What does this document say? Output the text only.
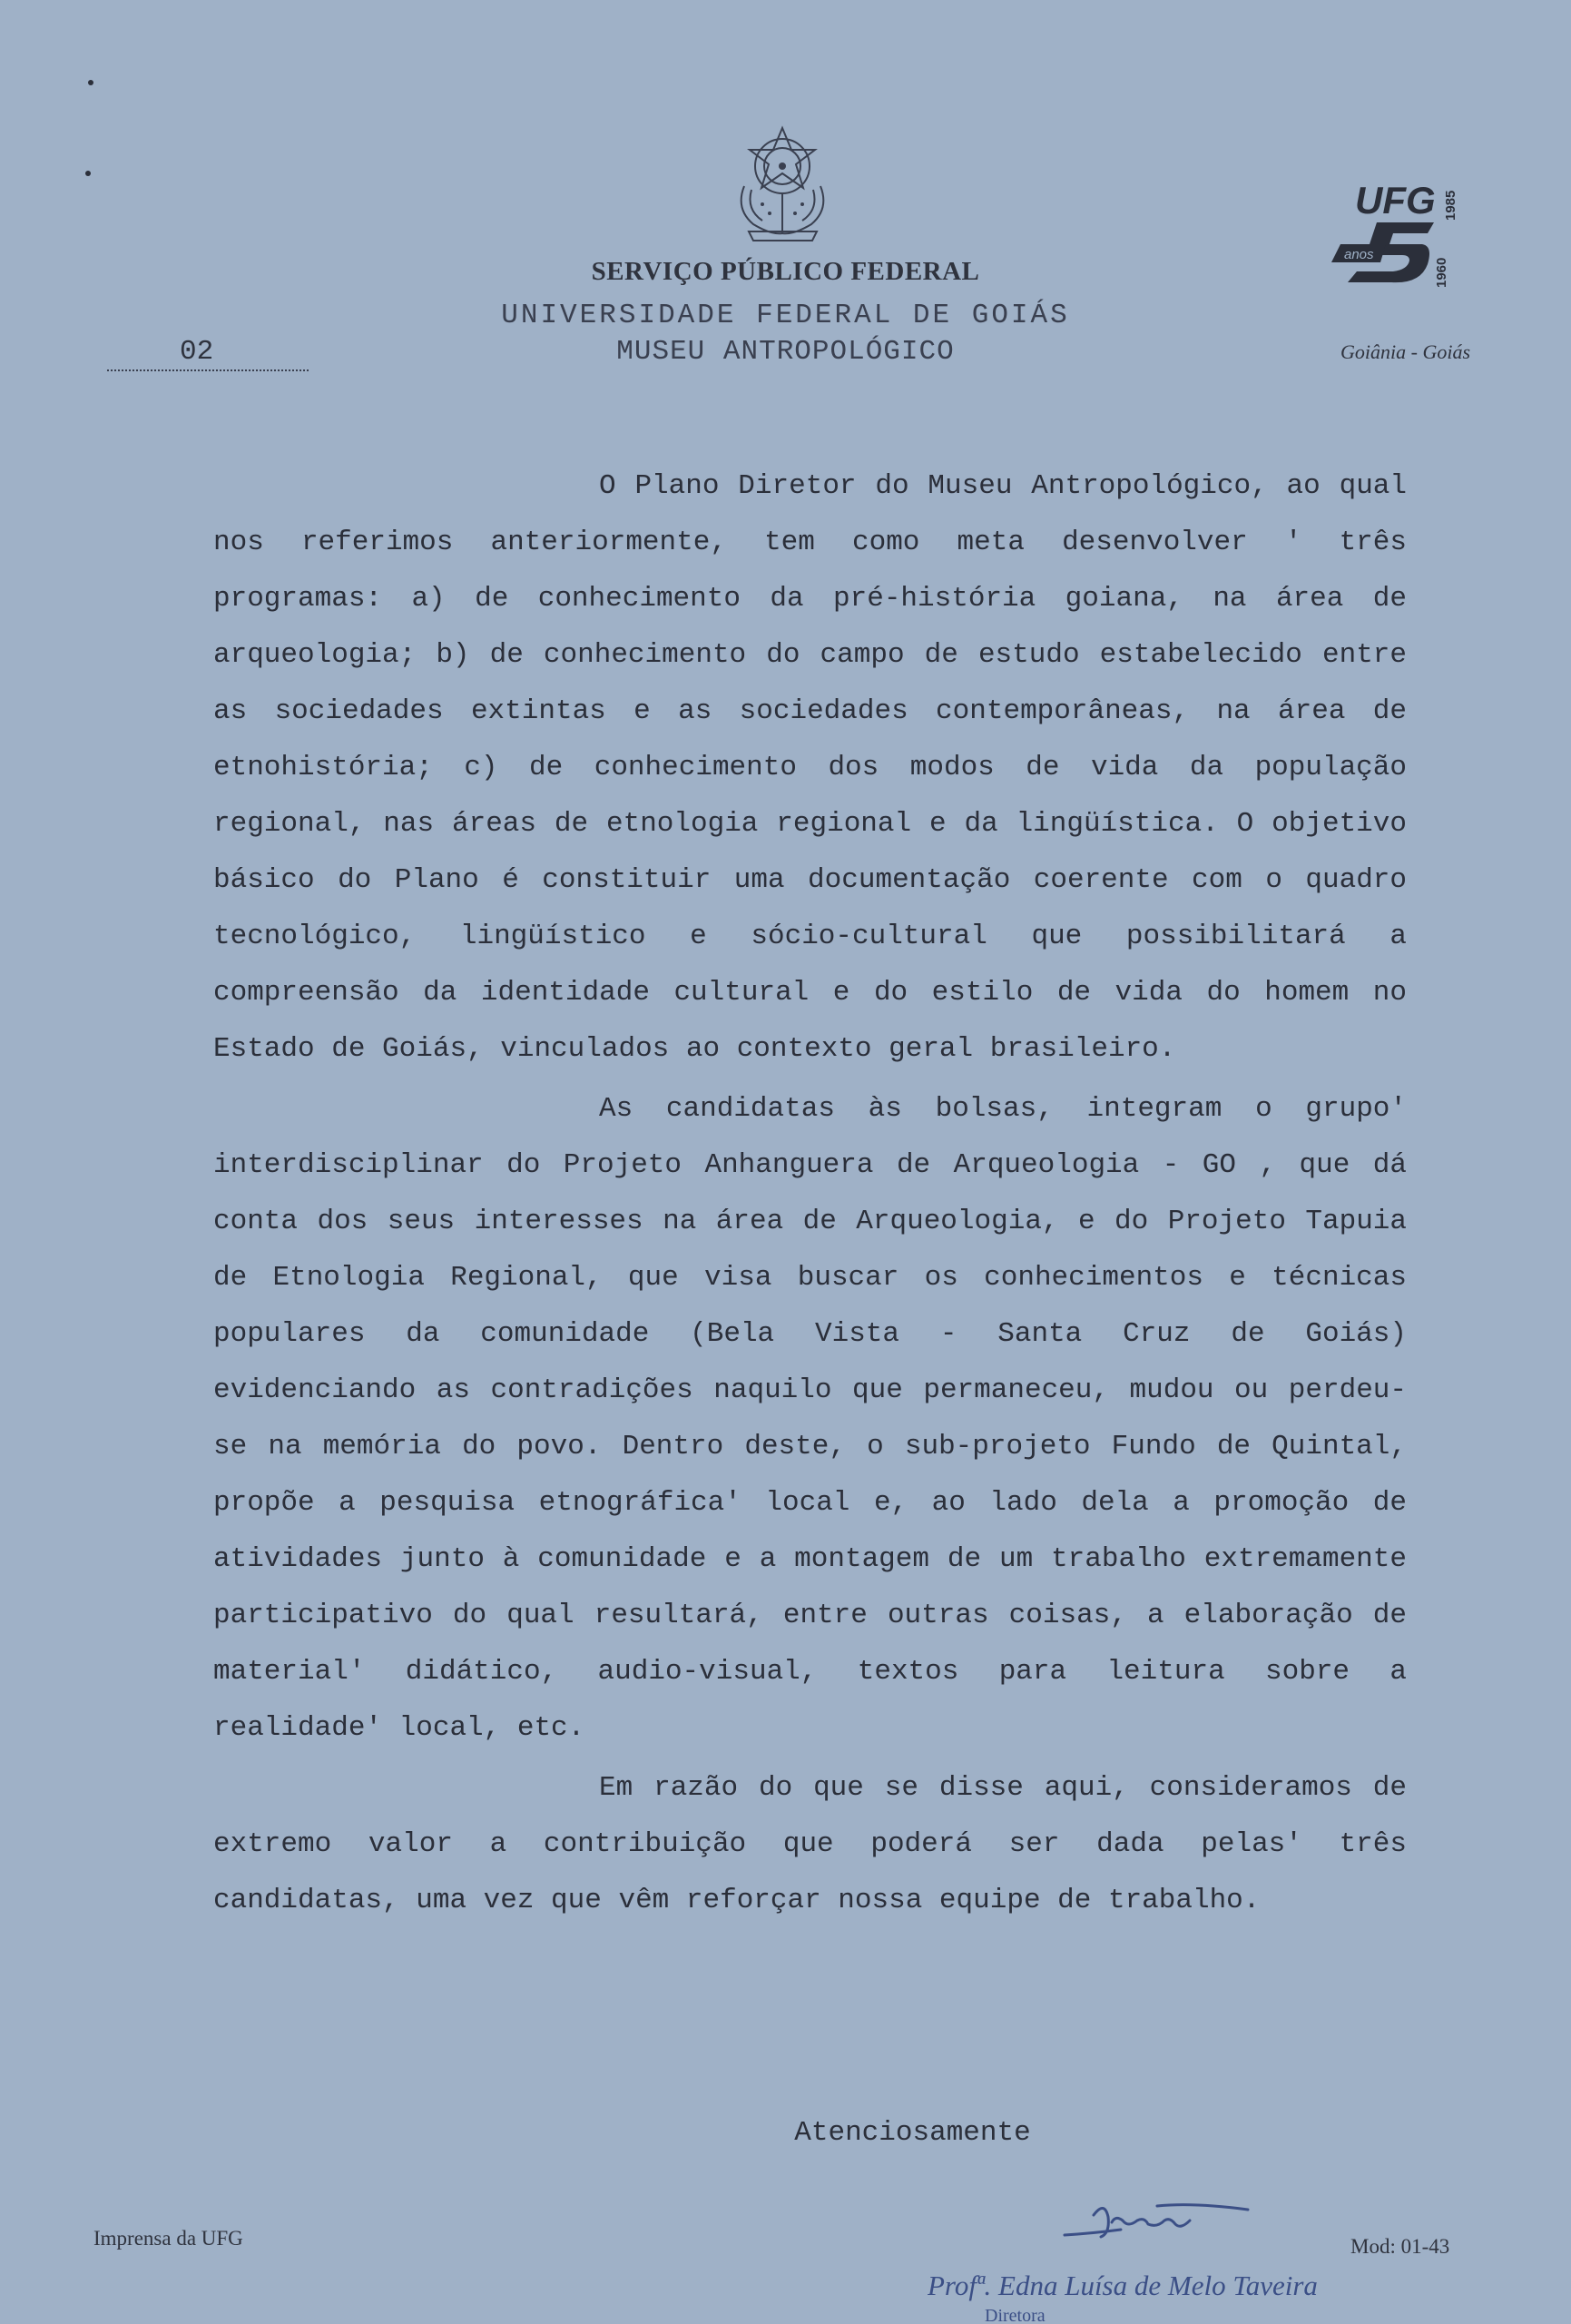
UFG 1985
anos
1960
SERVIÇO PÚBLICO FEDERAL
UNIVERSIDADE FEDERAL DE GOIÁS
MUSEU ANTROPOLÓGICO
02	Goiânia - Goiás

O Plano Diretor do Museu Antropológico, ao qual nos referimos anteriormente, tem como meta desenvolver ' três programas: a) de conhecimento da pré-história goiana, na área de arqueologia; b) de conhecimento do campo de estudo estabelecido entre as sociedades extintas e as sociedades contemporâneas, na área de etnohistória; c) de conhecimento dos modos de vida da população regional, nas áreas de etnologia regional e da lingüística. O objetivo básico do Plano é constituir uma documentação coerente com o quadro tecnológico, lingüístico e sócio-cultural que possibilitará a compreensão da identidade cultural e do estilo de vida do homem no Estado de Goiás, vinculados ao contexto geral brasileiro.

As candidatas às bolsas, integram o grupo' interdisciplinar do Projeto Anhanguera de Arqueologia - GO , que dá conta dos seus interesses na área de Arqueologia, e do Projeto Tapuia de Etnologia Regional, que visa buscar os conhecimentos e técnicas populares da comunidade (Bela Vista - Santa Cruz de Goiás) evidenciando as contradições naquilo que permaneceu, mudou ou perdeu-se na memória do povo. Dentro deste, o sub-projeto Fundo de Quintal, propõe a pesquisa etnográfica' local e, ao lado dela a promoção de atividades junto à comunidade e a montagem de um trabalho extremamente participativo do qual resultará, entre outras coisas, a elaboração de material' didático, audio-visual, textos para leitura sobre a realidade' local, etc.

Em razão do que se disse aqui, consideramos de extremo valor a contribuição que poderá ser dada pelas' três candidatas, uma vez que vêm reforçar nossa equipe de trabalho.

Atenciosamente
Imprensa da UFG	Mod: 01-43
Profª. Edna Luísa de Melo Taveira
Diretora
